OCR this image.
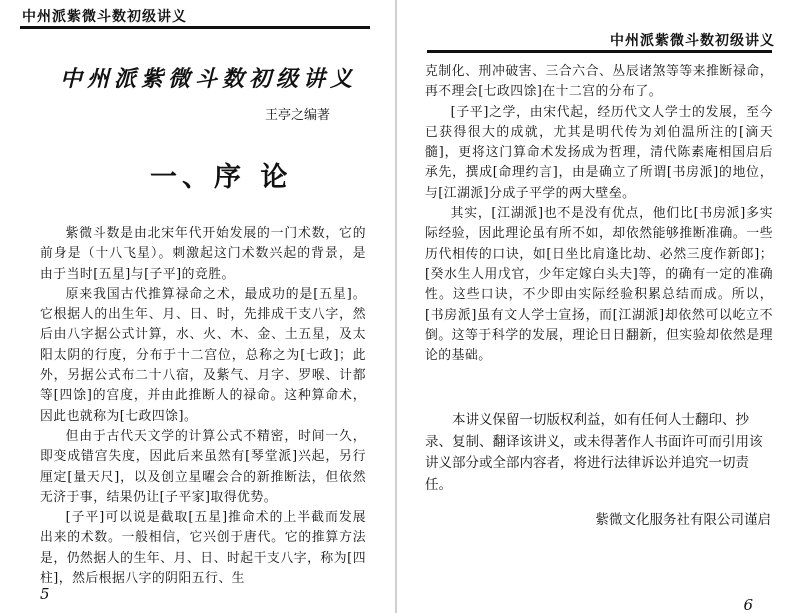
中州派紫微斗数初级讲义
中州派紫微斗数初级讲义
王亭之编著
一、序 论

紫微斗数是由北宋年代开始发展的一门术数，它的前身是（十八飞星）。刺激起这门术数兴起的背景，是由于当时[五星]与[子平]的竞胜。

原来我国古代推算禄命之术，最成功的是[五星]。它根据人的出生年、月、日、时，先排成干支八字，然后由八字据公式计算，水、火、木、金、土五星，及太阳太阴的行度，分布于十二宫位，总称之为[七政]；此外，另据公式布二十八宿，及紫气、月字、罗喉、计都等[四馀]的宫度，并由此推断人的禄命。这种算命术，因此也就称为[七政四馀]。

但由于古代天文学的计算公式不精密，时间一久，即变成错宫失度，因此后来虽然有[琴堂派]兴起，另行厘定[量天尺]，以及创立星曜会合的新推断法，但依然无济于事，结果仍让[子平家]取得优势。

[子平]可以说是截取[五星]推命术的上半截而发展出来的术数。一般相信，它兴创于唐代。它的推算方法是，仍然据人的生年、月、日、时起干支八字，称为[四柱]，然后根据八字的阴阳五行、生

5
中州派紫微斗数初级讲义

克制化、刑冲破害、三合六合、丛辰诸煞等等来推断禄命，再不理会[七政四馀]在十二宫的分布了。

[子平]之学，由宋代起，经历代文人学士的发展，至今已获得很大的成就，尤其是明代传为刘伯温所注的[滴天髓]，更将这门算命术发扬成为哲理，清代陈素庵相国启后承先，撰成[命理约言]，由是确立了所谓[书房派]的地位，与[江湖派]分成子平学的两大壁垒。

其实，[江湖派]也不是没有优点，他们比[书房派]多实际经验，因此理论虽有所不如，却依然能够推断准确。一些历代相传的口诀，如[日坐比肩逢比劫、必然三度作新郎]；[癸水生人用戊官，少年定嫁白头夫]等，的确有一定的准确性。这些口诀，不少即由实际经验积累总结而成。所以，[书房派]虽有文人学士宣扬，而[江湖派]却依然可以屹立不倒。这等于科学的发展，理论日日翻新，但实验却依然是理论的基础。

本讲义保留一切版权利益，如有任何人士翻印、抄录、复制、翻译该讲义，或未得著作人书面许可而引用该讲义部分或全部内容者，将进行法律诉讼并追究一切责任。

紫微文化服务社有限公司谨启
6
